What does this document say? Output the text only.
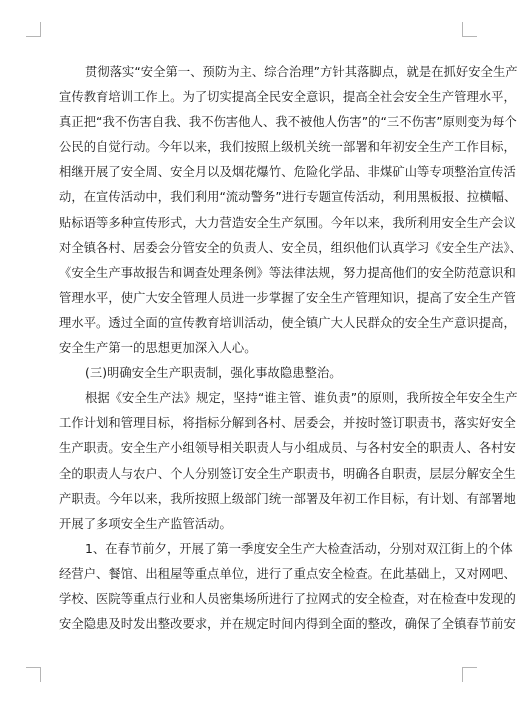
贯彻落实“安全第一、预防为主、综合治理”方针其落脚点，就是在抓好安全生产
宣传教育培训工作上。为了切实提高全民安全意识，提高全社会安全生产管理水平，
真正把“我不伤害自我、我不伤害他人、我不被他人伤害”的“三不伤害”原则变为每个
公民的自觉行动。今年以来，我们按照上级机关统一部署和年初安全生产工作目标，
相继开展了安全周、安全月以及烟花爆竹、危险化学品、非煤矿山等专项整治宣传活
动，在宣传活动中，我们利用“流动警务”进行专题宣传活动，利用黑板报、拉横幅、
贴标语等多种宣传形式，大力营造安全生产氛围。今年以来，我所利用安全生产会议
对全镇各村、居委会分管安全的负责人、安全员，组织他们认真学习《安全生产法》、
《安全生产事故报告和调查处理条例》等法律法规，努力提高他们的安全防范意识和
管理水平，使广大安全管理人员进一步掌握了安全生产管理知识，提高了安全生产管
理水平。透过全面的宣传教育培训活动，使全镇广大人民群众的安全生产意识提高，
安全生产第一的思想更加深入人心。
(三)明确安全生产职责制，强化事故隐患整治。
根据《安全生产法》规定，坚持“谁主管、谁负责”的原则，我所按全年安全生产
工作计划和管理目标，将指标分解到各村、居委会，并按时签订职责书，落实好安全
生产职责。安全生产小组领导相关职责人与小组成员、与各村安全的职责人、各村安
全的职责人与农户、个人分别签订安全生产职责书，明确各自职责，层层分解安全生
产职责。今年以来，我所按照上级部门统一部署及年初工作目标，有计划、有部署地
开展了多项安全生产监管活动。
1、在春节前夕，开展了第一季度安全生产大检查活动，分别对双江街上的个体
经营户、餐馆、出租屋等重点单位，进行了重点安全检查。在此基础上，又对网吧、
学校、医院等重点行业和人员密集场所进行了拉网式的安全检查，对在检查中发现的
安全隐患及时发出整改要求，并在规定时间内得到全面的整改，确保了全镇春节前安
